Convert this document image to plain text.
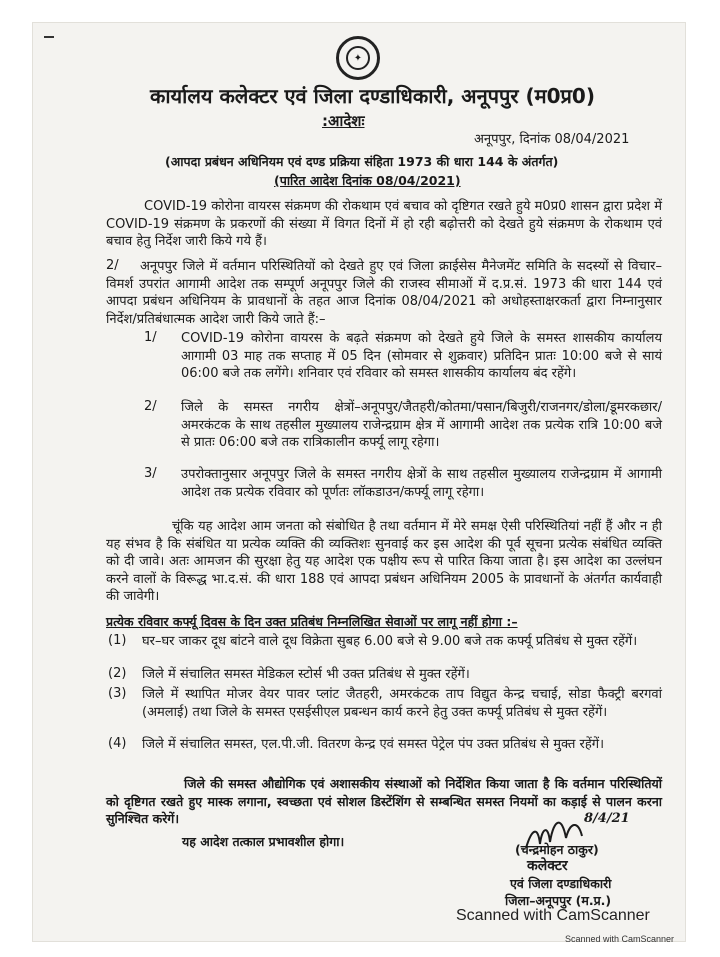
✦
कार्यालय कलेक्टर एवं जिला दण्डाधिकारी, अनूपपुर (म0प्र0)
:आदेशः
अनूपपुर, दिनांक 08/04/2021
(आपदा प्रबंधन अधिनियम एवं दण्ड प्रक्रिया संहिता 1973 की धारा 144 के अंतर्गत)
(पारित आदेश दिनांक 08/04/2021)
COVID-19 कोरोना वायरस संक्रमण की रोकथाम एवं बचाव को दृष्टिगत रखते हुये म0प्र0 शासन द्वारा प्रदेश में COVID-19 संक्रमण के प्रकरणों की संख्या में विगत दिनों में हो रही बढ़ोत्तरी को देखते हुये संक्रमण के रोकथाम एवं बचाव हेतु निर्देश जारी किये गये हैं।
2/	अनूपपुर जिले में वर्तमान परिस्थितियों को देखते हुए एवं जिला क्राईसेस मैनेजमेंट समिति के सदस्यों से विचार–विमर्श उपरांत आगामी आदेश तक सम्पूर्ण अनूपपुर जिले की राजस्व सीमाओं में द.प्र.सं. 1973 की धारा 144 एवं आपदा प्रबंधन अधिनियम के प्रावधानों के तहत आज दिनांक 08/04/2021 को अधोहस्ताक्षरकर्ता द्वारा निम्नानुसार निर्देश/प्रतिबंधात्मक आदेश जारी किये जाते हैं:–
1/ COVID-19 कोरोना वायरस के बढ़ते संक्रमण को देखते हुये जिले के समस्त शासकीय कार्यालय आगामी 03 माह तक सप्ताह में 05 दिन (सोमवार से शुक्रवार) प्रतिदिन प्रातः 10:00 बजे से सायं 06:00 बजे तक लगेंगे। शनिवार एवं रविवार को समस्त शासकीय कार्यालय बंद रहेंगे।
2/ जिले के समस्त नगरीय क्षेत्रों–अनूपपुर/जैतहरी/कोतमा/पसान/बिजुरी/राजनगर/डोला/डूमरकछार/अमरकंटक के साथ तहसील मुख्यालय राजेन्द्रग्राम क्षेत्र में आगामी आदेश तक प्रत्येक रात्रि 10:00 बजे से प्रातः 06:00 बजे तक रात्रिकालीन कर्फ्यू लागू रहेगा।
3/ उपरोक्तानुसार अनूपपुर जिले के समस्त नगरीय क्षेत्रों के साथ तहसील मुख्यालय राजेन्द्रग्राम में आगामी आदेश तक प्रत्येक रविवार को पूर्णतः लॉकडाउन/कर्फ्यू लागू रहेगा।
चूंकि यह आदेश आम जनता को संबोधित है तथा वर्तमान में मेरे समक्ष ऐसी परिस्थितियां नहीं हैं और न ही यह संभव है कि संबंधित या प्रत्येक व्यक्ति की व्यक्तिशः सुनवाई कर इस आदेश की पूर्व सूचना प्रत्येक संबंधित व्यक्ति को दी जावे। अतः आमजन की सुरक्षा हेतु यह आदेश एक पक्षीय रूप से पारित किया जाता है। इस आदेश का उल्लंघन करने वालों के विरूद्ध भा.द.सं. की धारा 188 एवं आपदा प्रबंधन अधिनियम 2005 के प्रावधानों के अंतर्गत कार्यवाही की जावेगी।
प्रत्येक रविवार कर्फ्यू दिवस के दिन उक्त प्रतिबंध निम्नलिखित सेवाओं पर लागू नहीं होगा :–
(1) घर–घर जाकर दूध बांटने वाले दूध विक्रेता सुबह 6.00 बजे से 9.00 बजे तक कर्फ्यू प्रतिबंध से मुक्त रहेंगें।
(2) जिले में संचालित समस्त मेडिकल स्टोर्स भी उक्त प्रतिबंध से मुक्त रहेंगें।
(3) जिले में स्थापित मोजर वेयर पावर प्लांट जैतहरी, अमरकंटक ताप विद्युत केन्द्र चचाई, सोडा फैक्ट्री बरगवां (अमलाई) तथा जिले के समस्त एसईसीएल प्रबन्धन कार्य करने हेतु उक्त कर्फ्यू प्रतिबंध से मुक्त रहेंगें।
(4) जिले में संचालित समस्त, एल.पी.जी. वितरण केन्द्र एवं समस्त पेट्रेल पंप उक्त प्रतिबंध से मुक्त रहेंगें।
जिले की समस्त औद्योगिक एवं अशासकीय संस्थाओं को निर्देशित किया जाता है कि वर्तमान परिस्थितियों को दृष्टिगत रखते हुए मास्क लगाना, स्वच्छता एवं सोशल डिस्टेंशिंग से सम्बन्धित समस्त नियमों का कड़ाई से पालन करना सुनिश्चित करेगें।
यह आदेश तत्काल प्रभावशील होगा।
8/4/21
(चन्द्रमोहन ठाकुर)
कलेक्टर
एवं जिला दण्डाधिकारी
जिला–अनूपपुर (म.प्र.)
Scanned with CamScanner
Scanned with CamScanner
